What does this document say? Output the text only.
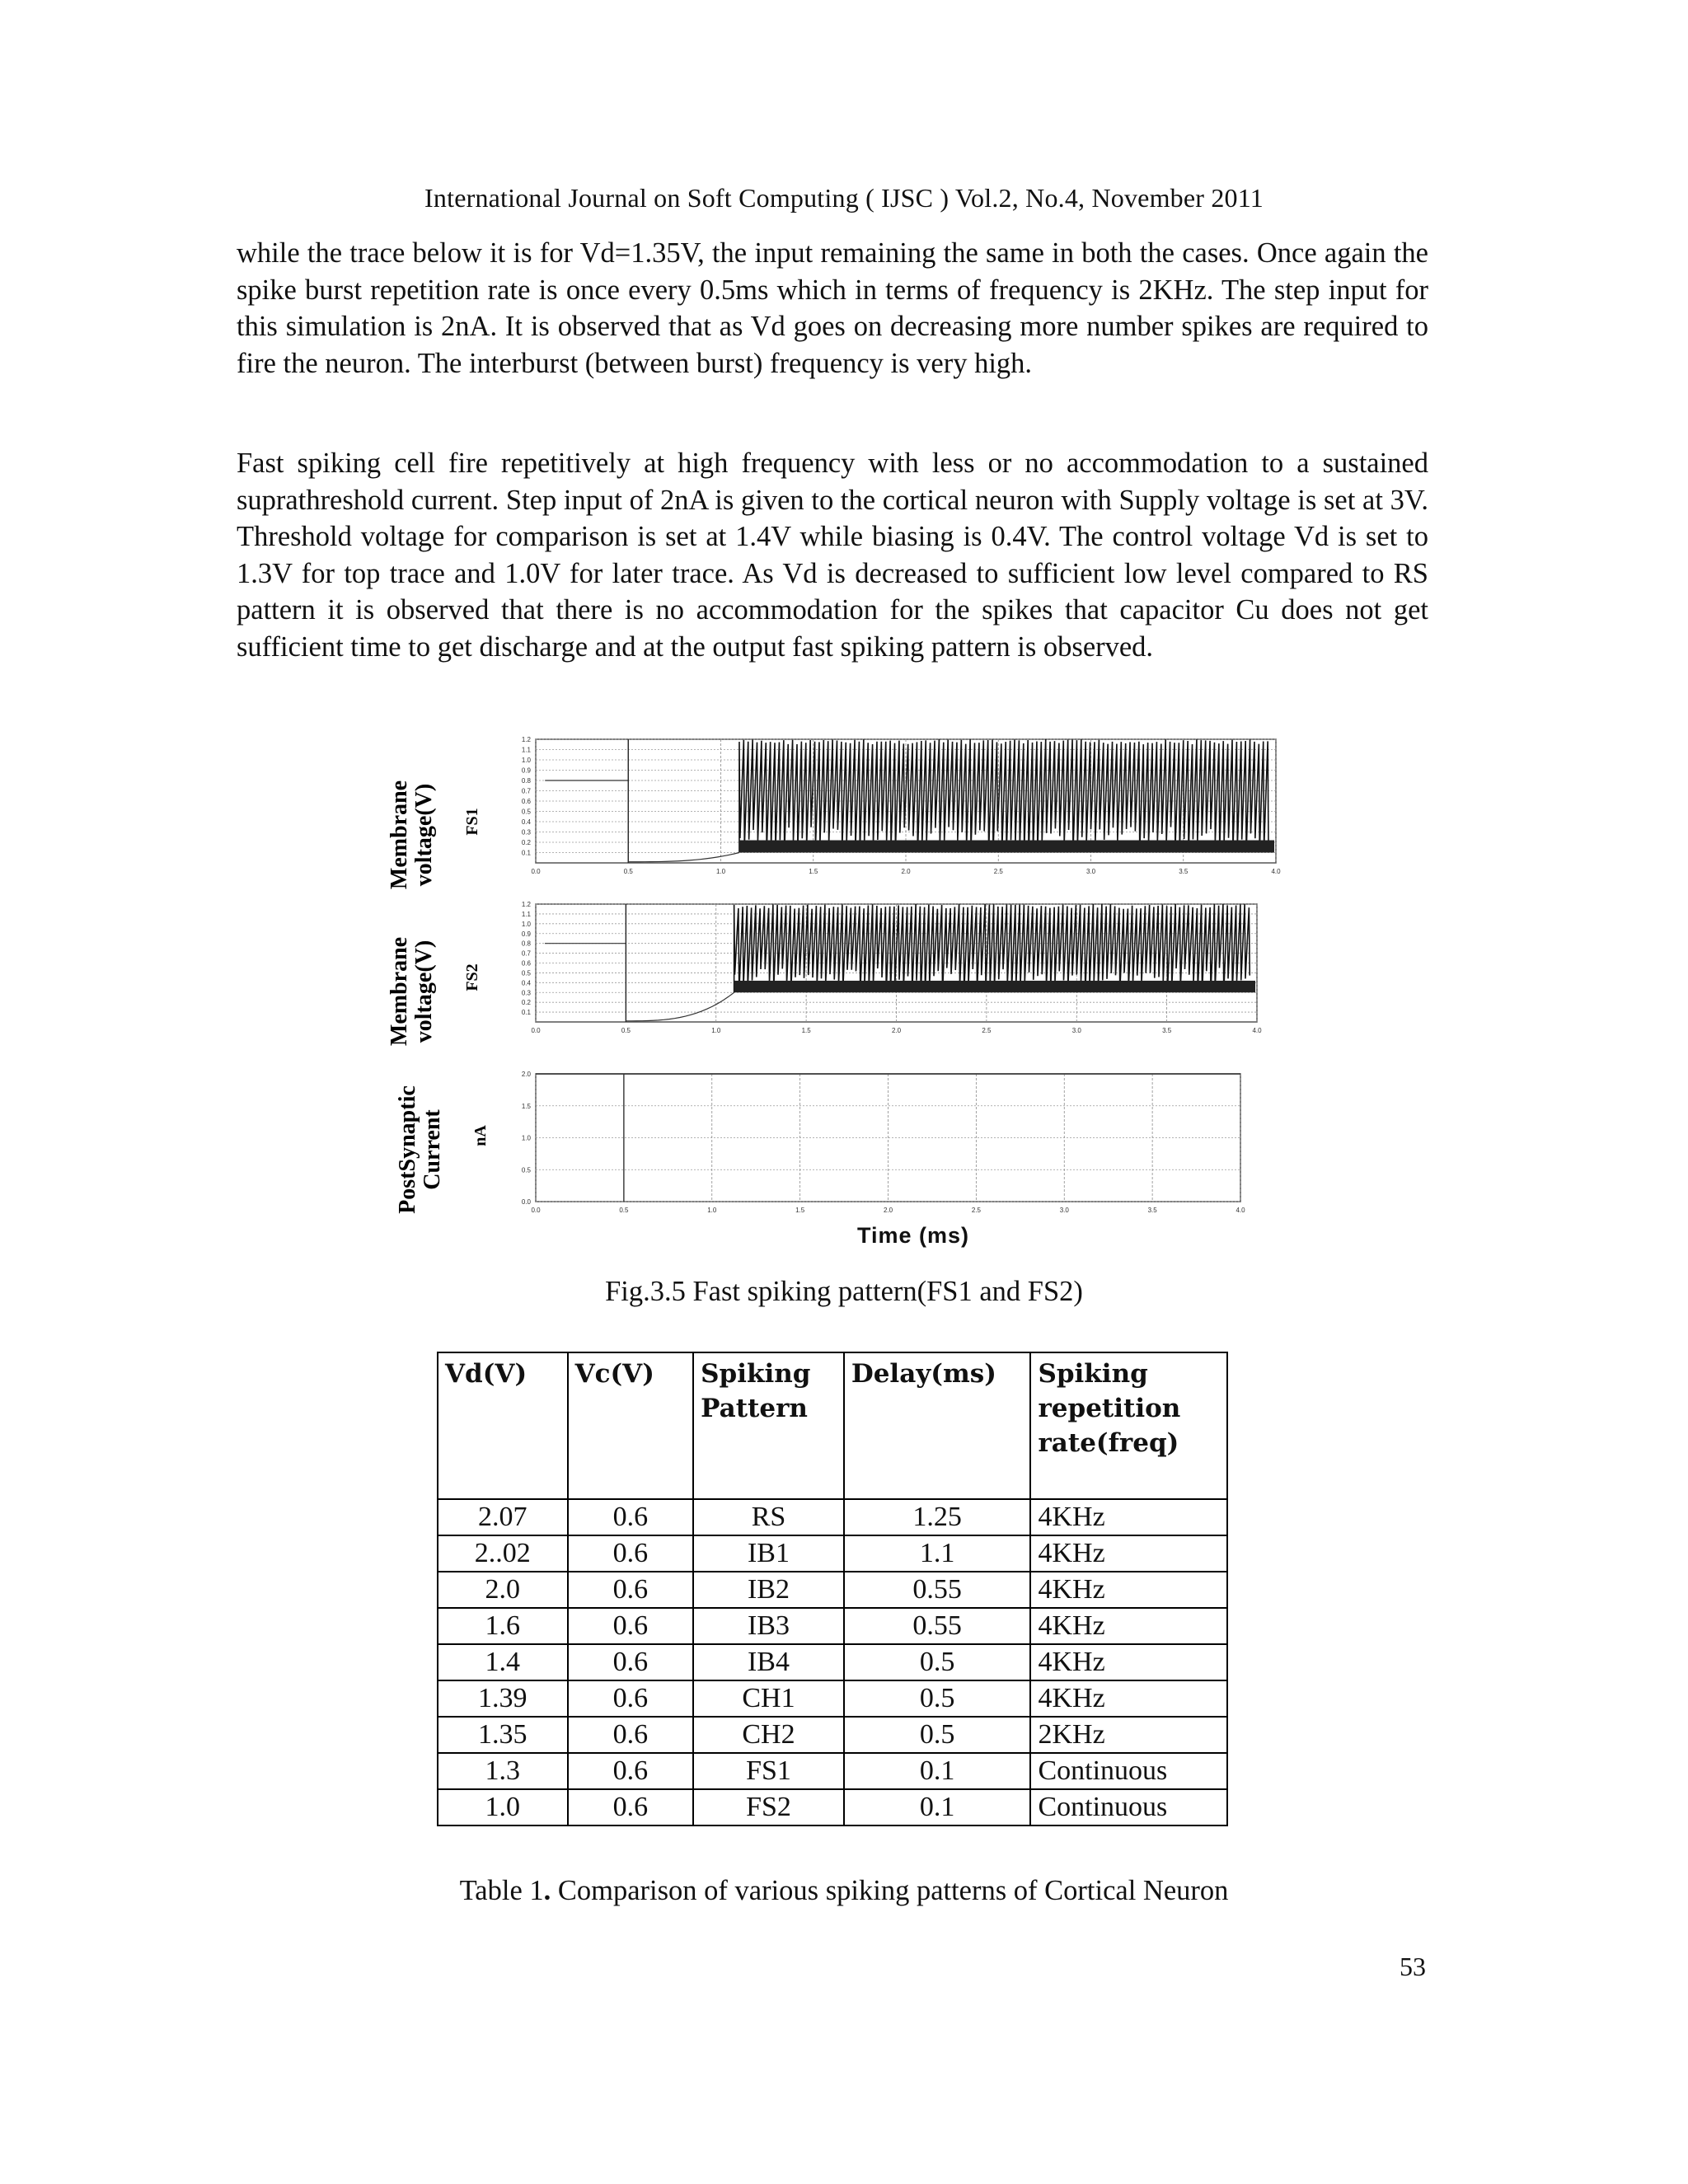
International Journal on Soft Computing ( IJSC ) Vol.2, No.4, November 2011

while the trace below it is for Vd=1.35V, the input remaining the same in both the cases. Once again the spike burst repetition rate is once every 0.5ms which in terms of frequency is 2KHz. The step input for this simulation is 2nA. It is observed that as Vd goes on decreasing more number spikes are required to fire the neuron. The interburst (between burst) frequency is very high.

Fast spiking cell fire repetitively at high frequency with less or no accommodation to a sustained suprathreshold current. Step input of 2nA is given to the cortical neuron with Supply voltage is set at 3V. Threshold voltage for comparison is set at 1.4V while biasing is 0.4V. The control voltage Vd is set to 1.3V for top trace and 1.0V for later trace. As Vd is decreased to sufficient low level compared to RS pattern it is observed that there is no accommodation for the spikes that capacitor Cu does not get sufficient time to get discharge and at the output fast spiking pattern is observed.

Membrane
voltage(V)	FS1
Membrane
voltage(V)	FS2
PostSynaptic
Current	nA
1.2
1.1
1.0
0.9
0.8
0.7
0.6
0.5
0.4
0.3
0.2
0.1
0.0	0.5	1.0	1.5	2.0	2.5	3.0	3.5	4.0
1.2
1.1
1.0
0.9
0.8
0.7
0.6
0.5
0.4
0.3
0.2
0.1
0.0	0.5	1.0	1.5	2.0	2.5	3.0	3.5	4.0
2.0
1.5
1.0
0.5
0.0
0.0	0.5	1.0	1.5	2.0	2.5	3.0	3.5	4.0
Time (ms)
Fig.3.5 Fast spiking pattern(FS1 and FS2)
Vd(V)	Vc(V)	Spiking Pattern	Delay(ms)	Spiking repetition rate(freq)
2.07	0.6	RS	1.25	4KHz
2..02	0.6	IB1	1.1	4KHz
2.0	0.6	IB2	0.55	4KHz
1.6	0.6	IB3	0.55	4KHz
1.4	0.6	IB4	0.5	4KHz
1.39	0.6	CH1	0.5	4KHz
1.35	0.6	CH2	0.5	2KHz
1.3	0.6	FS1	0.1	Continuous
1.0	0.6	FS2	0.1	Continuous
Table 1. Comparison of various spiking patterns of Cortical Neuron
53
